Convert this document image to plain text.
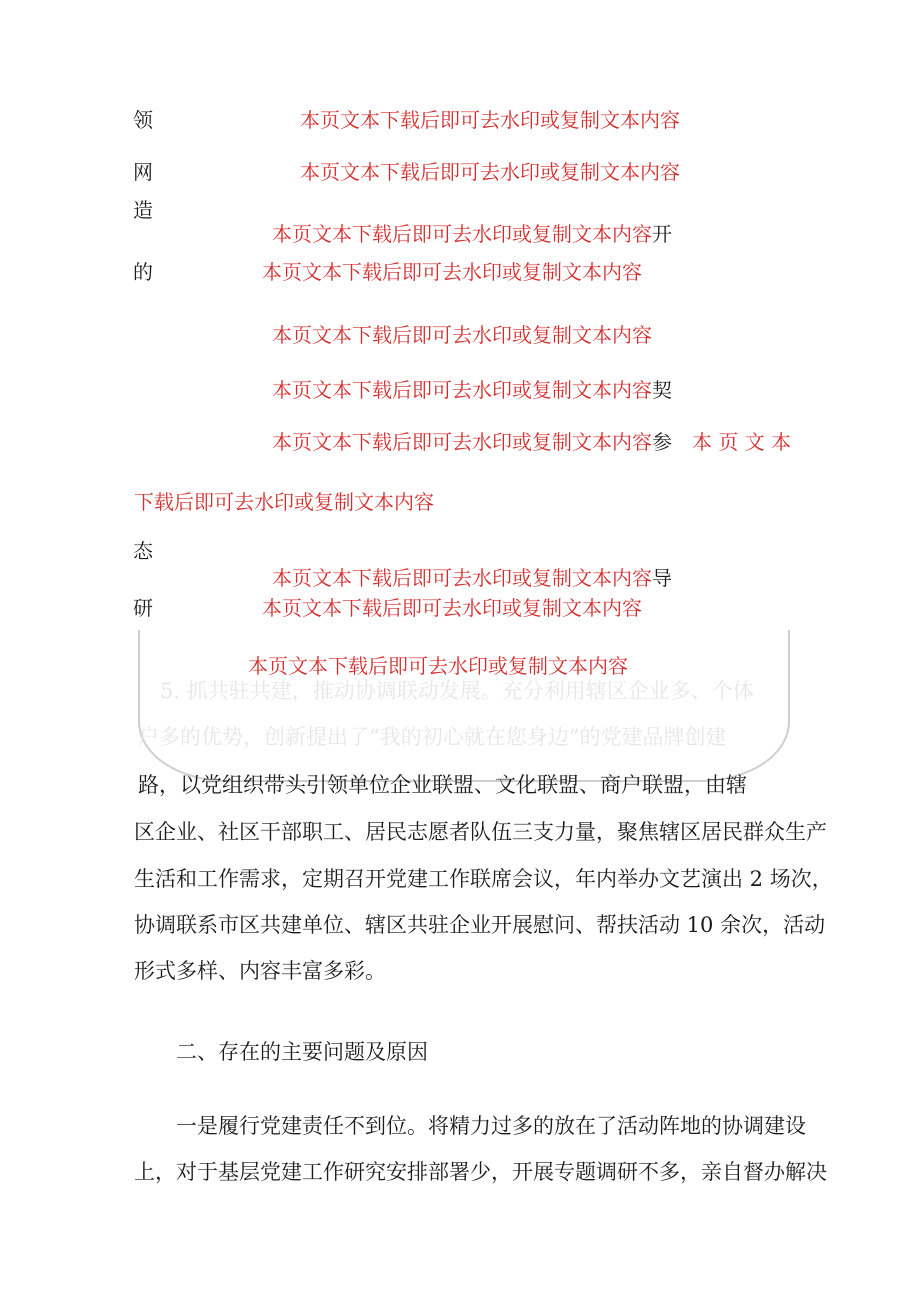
领
网
造
的
态
研
本页文本下载后即可去水印或复制文本内容
本页文本下载后即可去水印或复制文本内容
本页文本下载后即可去水印或复制文本内容开
本页文本下载后即可去水印或复制文本内容
本页文本下载后即可去水印或复制文本内容
本页文本下载后即可去水印或复制文本内容契
本页文本下载后即可去水印或复制文本内容参 本 页 文 本
下载后即可去水印或复制文本内容
本页文本下载后即可去水印或复制文本内容导
本页文本下载后即可去水印或复制文本内容
5. 抓共驻共建，推动协调联动发展。充分利用辖区企业多、个体
户多的优势，创新提出了“我的初心就在您身边”的党建品牌创建
本页文本下载后即可去水印或复制文本内容
路，以党组织带头引领单位企业联盟、文化联盟、商户联盟，由辖
区企业、社区干部职工、居民志愿者队伍三支力量，聚焦辖区居民群众生产
生活和工作需求，定期召开党建工作联席会议，年内举办文艺演出 2 场次，
协调联系市区共建单位、辖区共驻企业开展慰问、帮扶活动 10 余次，活动
形式多样、内容丰富多彩。
二、存在的主要问题及原因
一是履行党建责任不到位。将精力过多的放在了活动阵地的协调建设
上，对于基层党建工作研究安排部署少，开展专题调研不多，亲自督办解决
